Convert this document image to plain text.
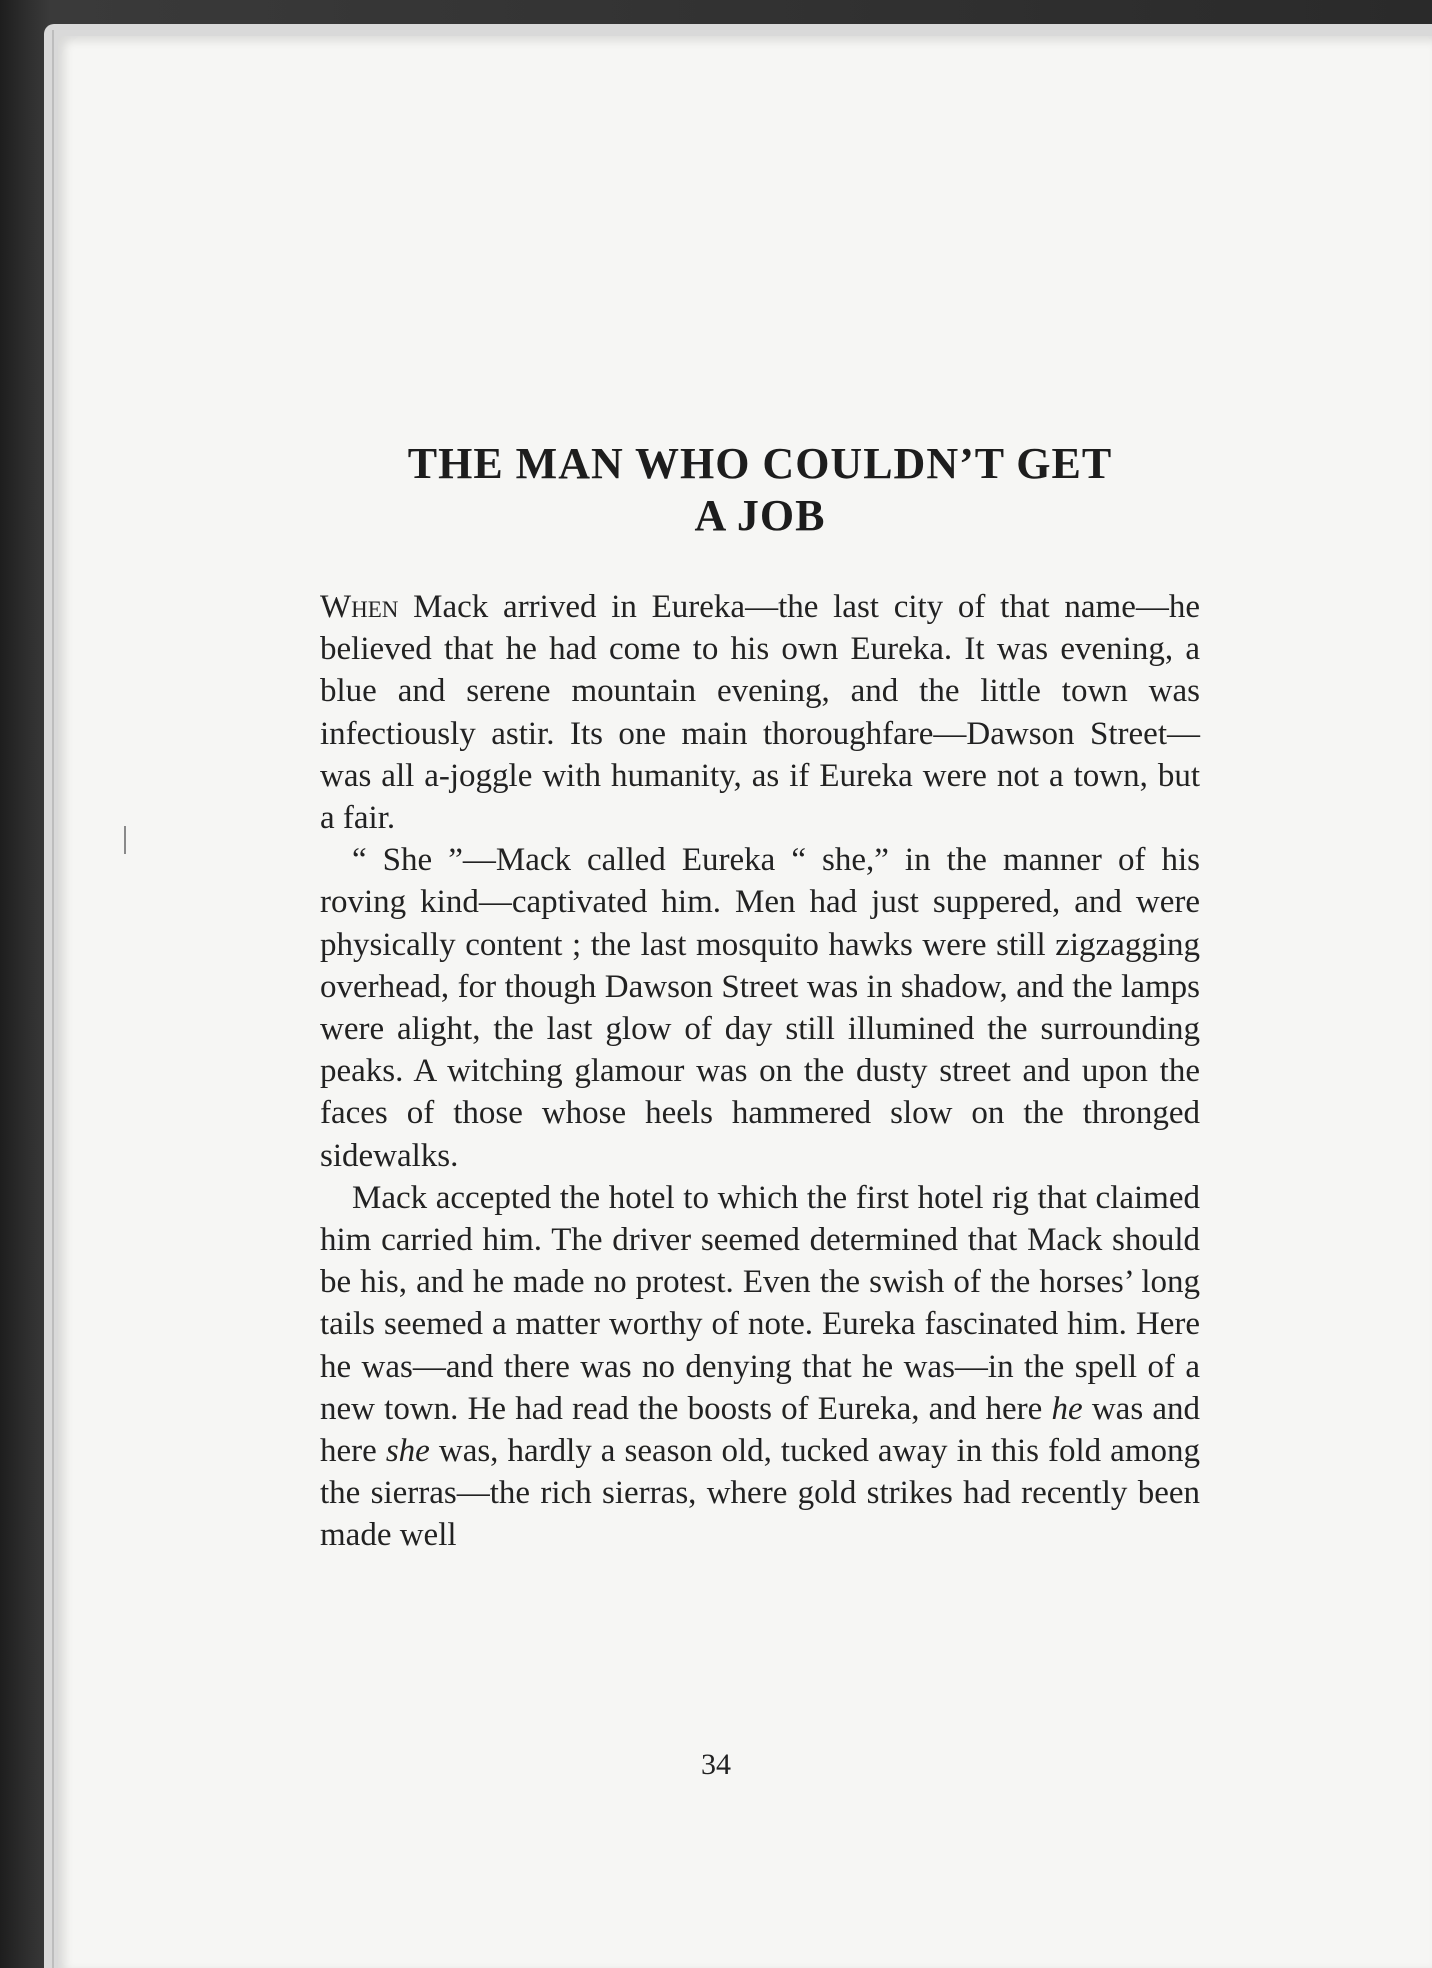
THE MAN WHO COULDN’T GET
A JOB

When Mack arrived in Eureka—the last city of that name—he believed that he had come to his own Eureka. It was evening, a blue and serene mountain evening, and the little town was infectiously astir. Its one main thoroughfare—Dawson Street—was all a-joggle with humanity, as if Eureka were not a town, but a fair.

“ She ”—Mack called Eureka “ she,” in the manner of his roving kind—captivated him. Men had just suppered, and were physically content ; the last mosquito hawks were still zigzagging overhead, for though Dawson Street was in shadow, and the lamps were alight, the last glow of day still illumined the surrounding peaks. A witching glamour was on the dusty street and upon the faces of those whose heels hammered slow on the thronged sidewalks.

Mack accepted the hotel to which the first hotel rig that claimed him carried him. The driver seemed determined that Mack should be his, and he made no protest. Even the swish of the horses’ long tails seemed a matter worthy of note. Eureka fascinated him. Here he was—and there was no denying that he was—in the spell of a new town. He had read the boosts of Eureka, and here he was and here she was, hardly a season old, tucked away in this fold among the sierras—the rich sierras, where gold strikes had recently been made well

34
